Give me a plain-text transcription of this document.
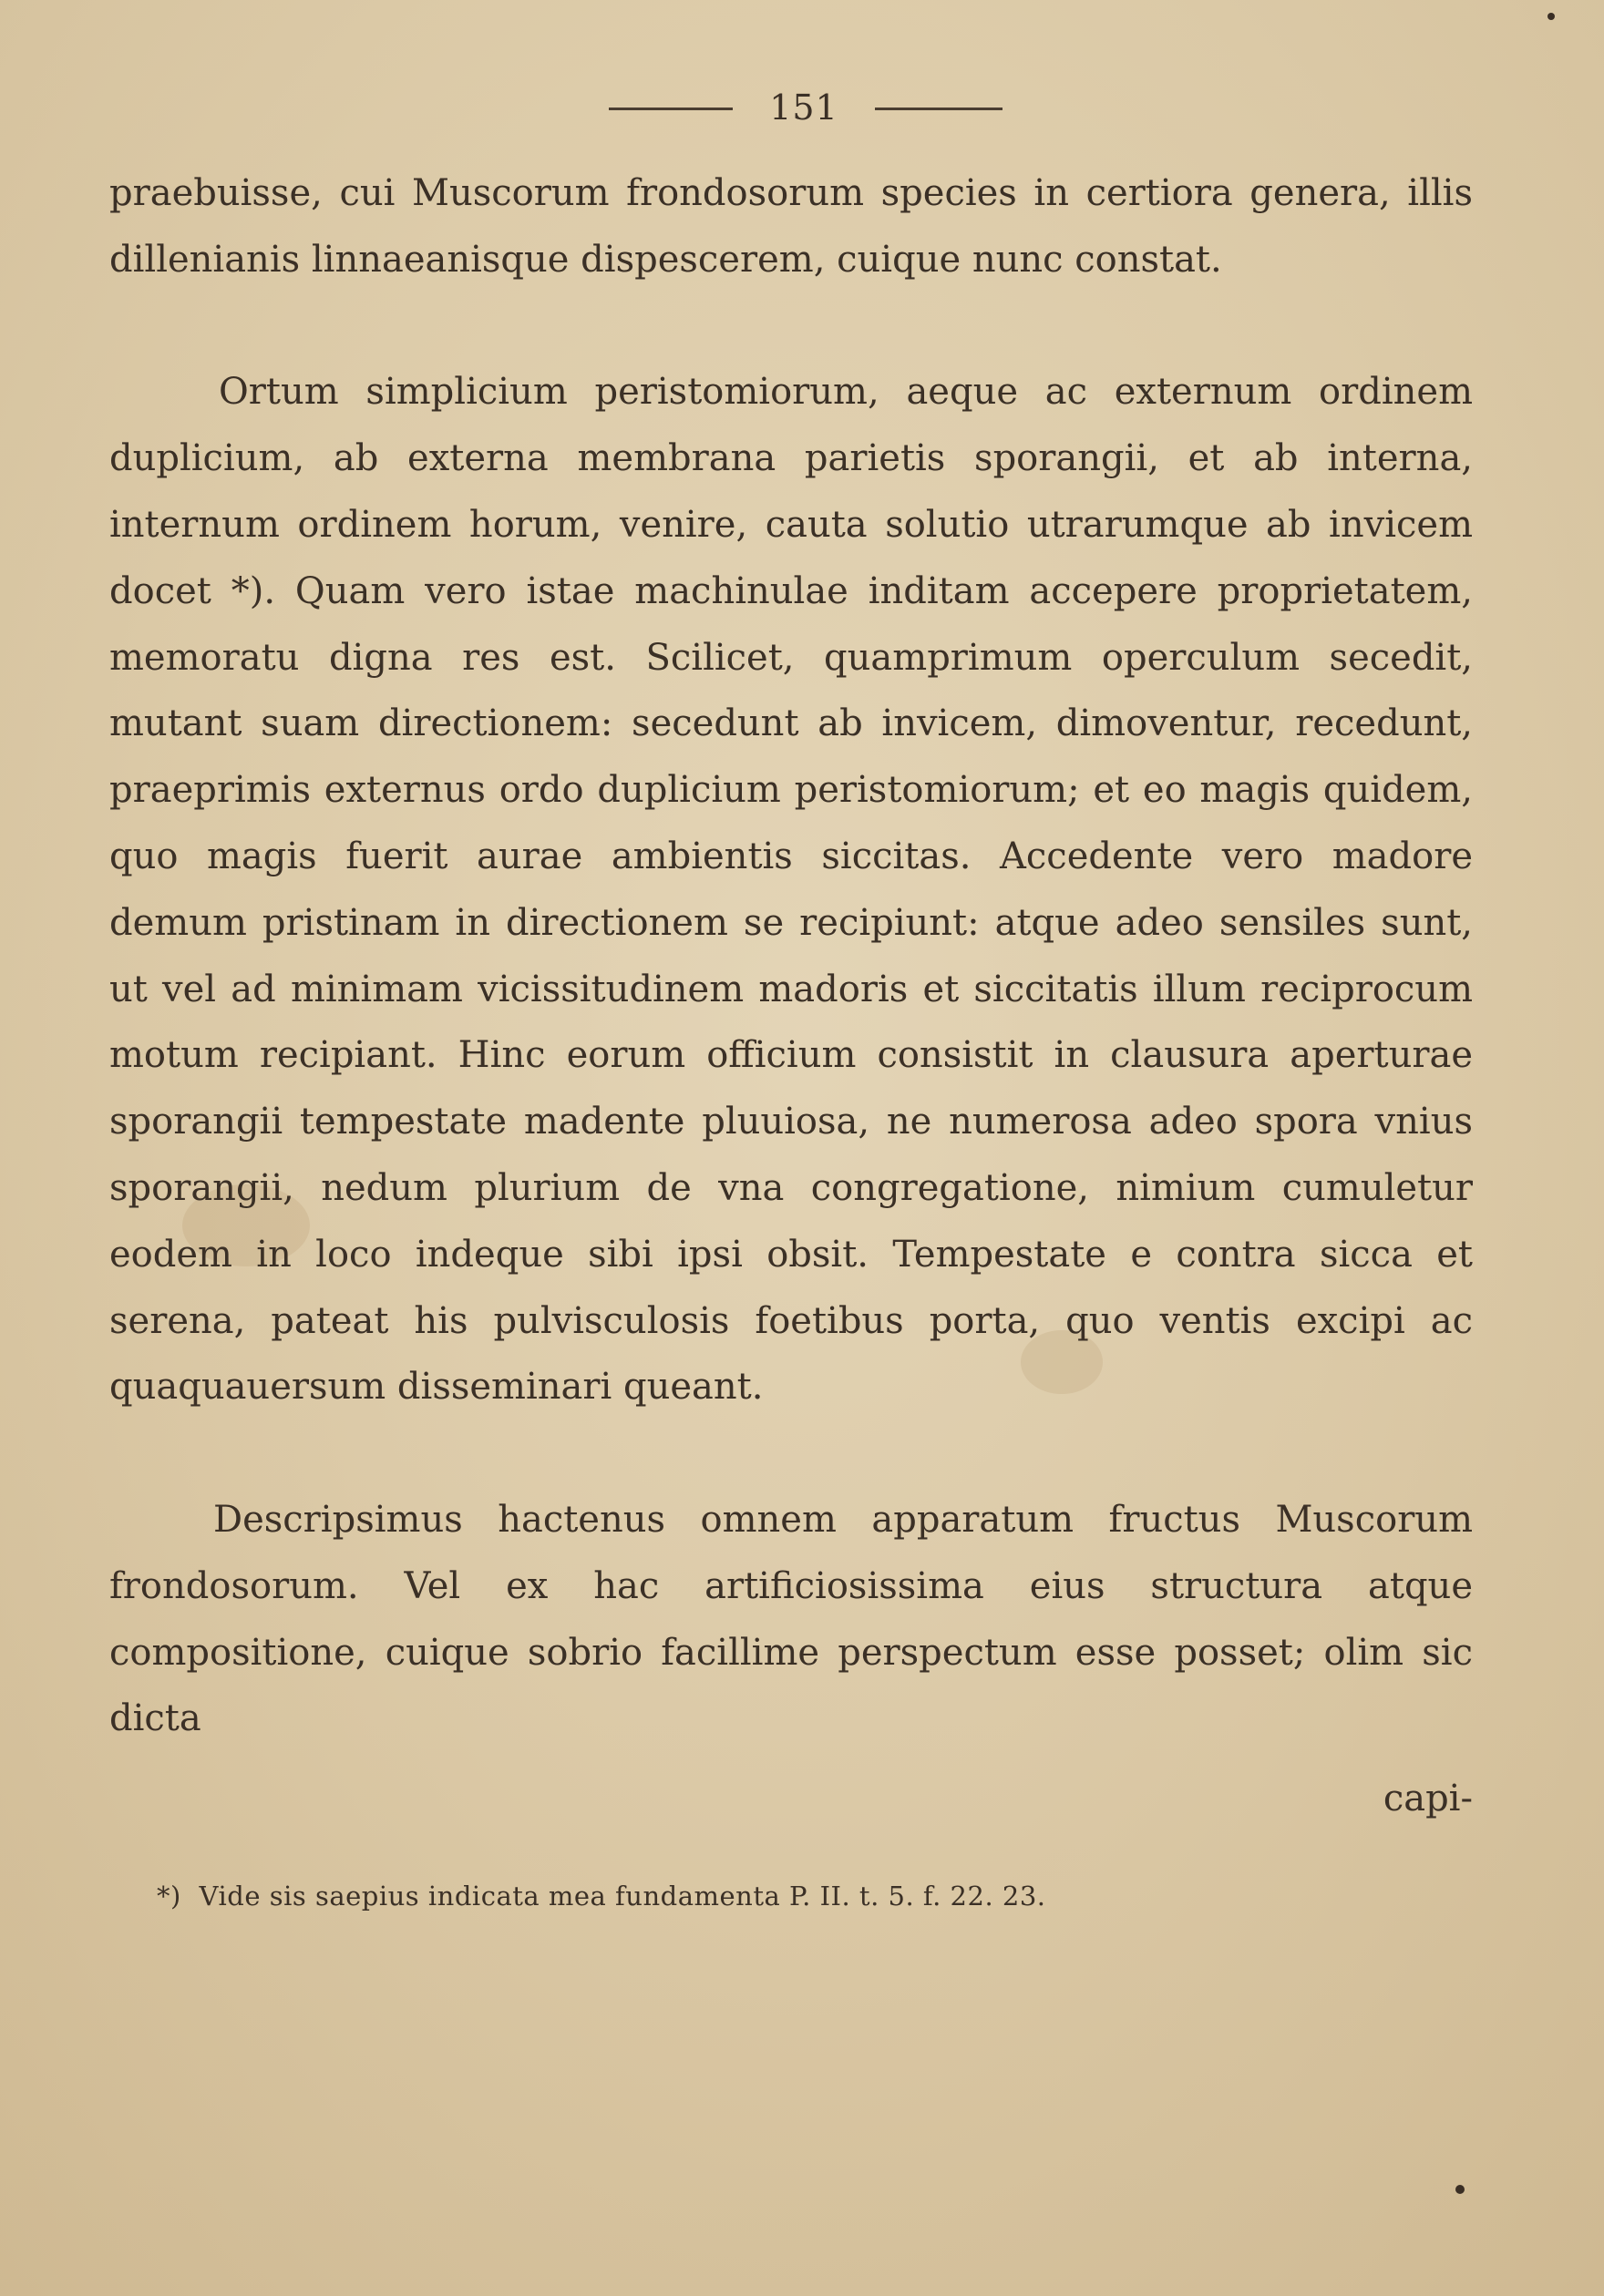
151

praebuisse, cui Muscorum frondosorum species in certiora genera, illis dillenianis linnaeanisque dispescerem, cuique nunc constat.

Ortum simplicium peristomiorum, aeque ac externum ordinem duplicium, ab externa membrana parietis sporangii, et ab interna, internum ordinem horum, venire, cauta solutio utrarumque ab invicem docet *). Quam vero istae machinulae inditam accepere proprietatem, memoratu digna res est. Scilicet, quamprimum operculum secedit, mutant suam directionem: secedunt ab invicem, dimoventur, recedunt, praeprimis externus ordo duplicium peristomiorum; et eo magis quidem, quo magis fuerit aurae ambientis siccitas. Accedente vero madore demum pristinam in directionem se recipiunt: atque adeo sensiles sunt, ut vel ad minimam vicissitudinem madoris et siccitatis illum reciprocum motum recipiant. Hinc eorum officium consistit in clausura aperturae sporangii tempestate madente pluuiosa, ne numerosa adeo spora vnius sporangii, nedum plurium de vna congregatione, nimium cumuletur eodem in loco indeque sibi ipsi obsit. Tempestate e contra sicca et serena, pateat his pulvisculosis foetibus porta, quo ventis excipi ac quaquauersum disseminari queant.

Descripsimus hactenus omnem apparatum fructus Muscorum frondosorum. Vel ex hac artificiosissima eius structura atque compositione, cuique sobrio facillime perspectum esse posset; olim sic dicta

capi-
*) Vide sis saepius indicata mea fundamenta P. II. t. 5. f. 22. 23.
